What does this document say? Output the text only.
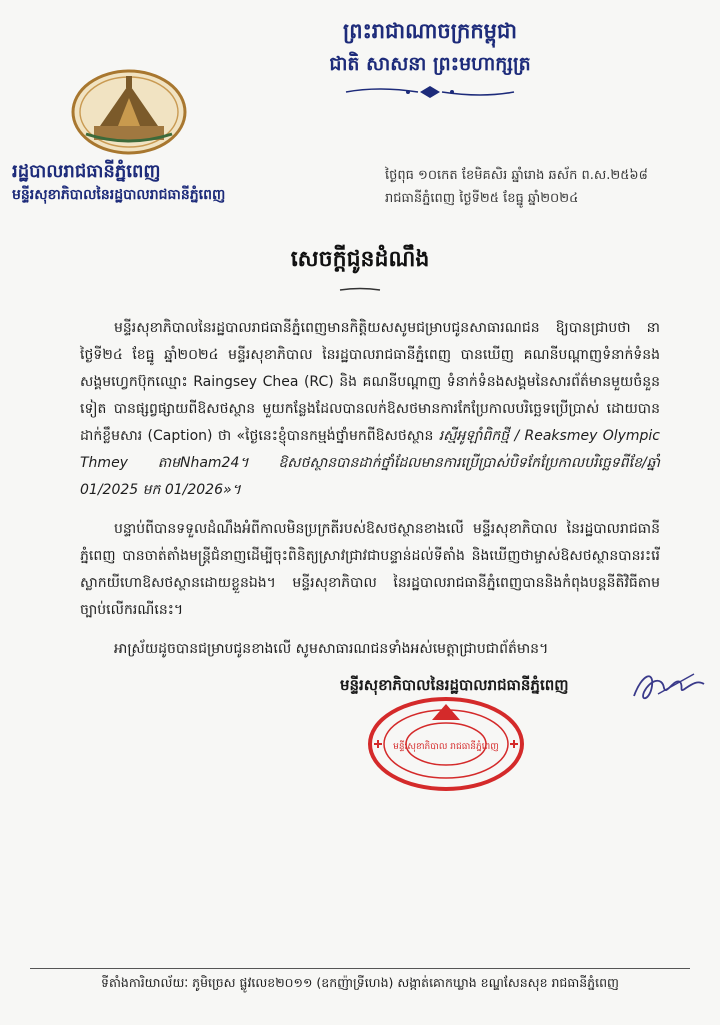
ព្រះរាជាណាចក្រកម្ពុជា
ជាតិ សាសនា ព្រះមហាក្សត្រ
រដ្ឋបាលរាជធានីភ្នំពេញ
មន្ទីរសុខាភិបាលនៃរដ្ឋបាលរាជធានីភ្នំពេញ
ថ្ងៃពុធ ១០កេត ខែមិគសិរ ឆ្នាំរោង ឆស័ក ព.ស.២៥៦៨
រាជធានីភ្នំពេញ ថ្ងៃទី២៥ ខែធ្នូ ឆ្នាំ២០២៤
សេចក្តីជូនដំណឹង

មន្ទីរសុខាភិបាលនៃរដ្ឋបាលរាជធានីភ្នំពេញមានកិត្តិយសសូមជម្រាបជូនសាធារណជន ឱ្យបានជ្រាបថា នាថ្ងៃទី២៤ ខែធ្នូ ឆ្នាំ២០២៤ មន្ទីរសុខាភិបាល នៃរដ្ឋបាលរាជធានីភ្នំពេញ បានឃើញ គណនីបណ្តាញទំនាក់ទំនងសង្គមហ្វេកប៊ុកឈ្មោះ Raingsey Chea (RC) និង គណនីបណ្តាញ ទំនាក់ទំនងសង្គមនៃសារព័ត៌មានមួយចំនួនទៀត បានផ្សព្វផ្សាយពីឱសថស្ថាន មួយកន្លែងដែលបានលក់ឱសថមានការកែប្រែកាលបរិច្ឆេទប្រើប្រាស់ ដោយបានដាក់ខ្លឹមសារ (Caption) ថា «ថ្ងៃនេះខ្ញុំបានកម្មង់ថ្នាំមកពីឱសថស្ថាន រស្មីអូឡាំពិកថ្មី / Reaksmey Olympic Thmey តាមNham24។ ឱសថស្ថានបានដាក់ថ្នាំដែលមានការប្រើប្រាស់បិទកែប្រែកាលបរិច្ឆេទពីខែ/ឆ្នាំ 01/2025 មក 01/2026»។

បន្ទាប់ពីបានទទួលដំណឹងអំពីកាលមិនប្រក្រតីរបស់ឱសថស្ថានខាងលើ មន្ទីរសុខាភិបាល នៃរដ្ឋបាលរាជធានីភ្នំពេញ បានចាត់តាំងមន្ត្រីជំនាញដើម្បីចុះពិនិត្យស្រាវជ្រាវជាបន្ទាន់ដល់ទីតាំង និងឃើញថាម្ចាស់ឱសថស្ថានបានរះរើស្លាកយីហោឱសថស្ថានដោយខ្លួនឯង។ មន្ទីរសុខាភិបាល នៃរដ្ឋបាលរាជធានីភ្នំពេញបាននិងកំពុងបន្តនីតិវិធីតាមច្បាប់លើករណីនេះ។

អាស្រ័យដូចបានជម្រាបជូនខាងលើ សូមសាធារណជនទាំងអស់មេត្តាជ្រាបជាព័ត៌មាន។

មន្ទីរសុខាភិបាលនៃរដ្ឋបាលរាជធានីភ្នំពេញ
មន្ទីរសុខាភិបាល រាជធានីភ្នំពេញ
ទីតាំងការិយាល័យៈ ភូមិច្រេស ផ្លូវលេខ២០១១ (ឧកញ៉ាទ្រីហេង) សង្កាត់គោកឃ្លាង ខណ្ឌសែនសុខ រាជធានីភ្នំពេញ
